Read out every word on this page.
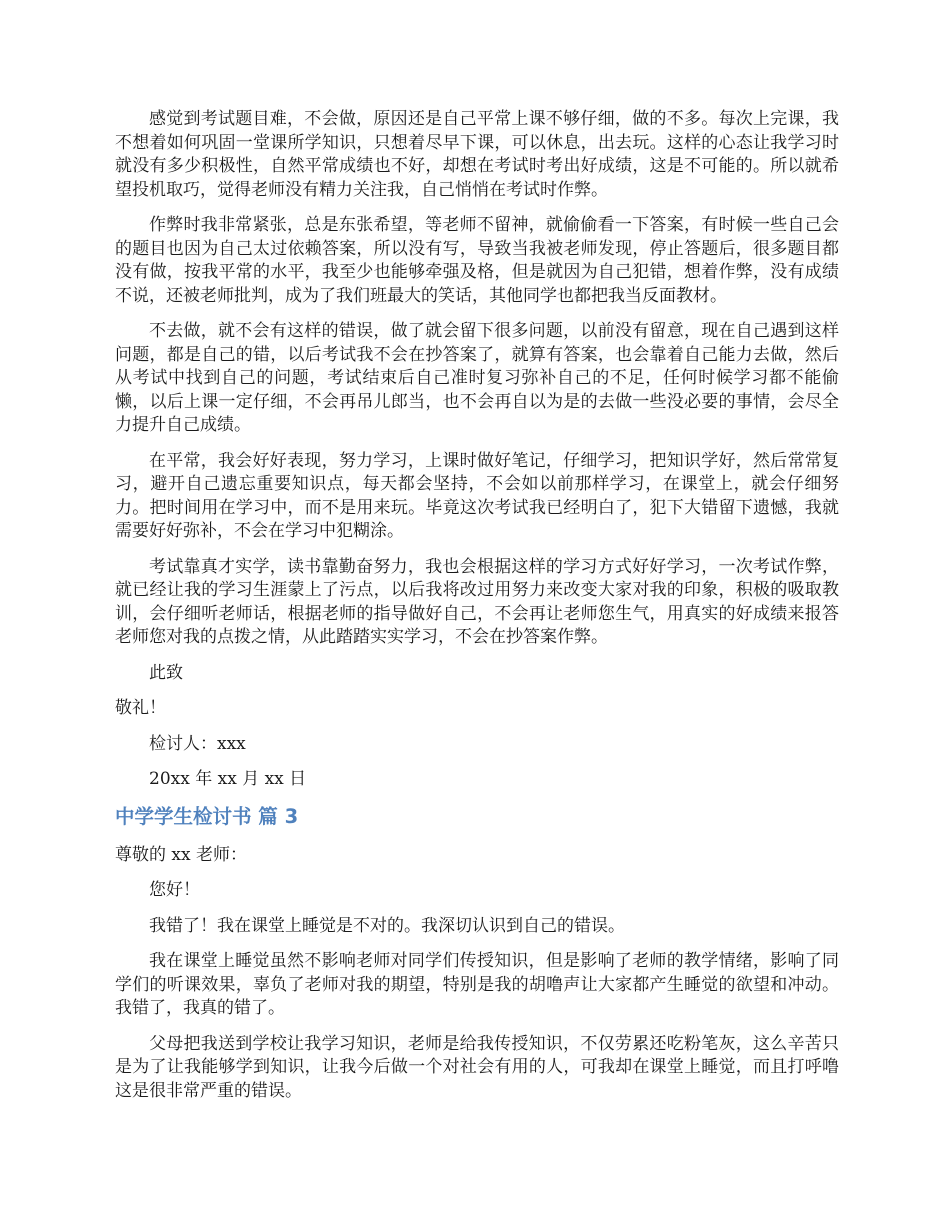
感觉到考试题目难，不会做，原因还是自己平常上课不够仔细，做的不多。每次上完课，我不想着如何巩固一堂课所学知识，只想着尽早下课，可以休息，出去玩。这样的心态让我学习时就没有多少积极性，自然平常成绩也不好，却想在考试时考出好成绩，这是不可能的。所以就希望投机取巧，觉得老师没有精力关注我，自己悄悄在考试时作弊。

作弊时我非常紧张，总是东张希望，等老师不留神，就偷偷看一下答案，有时候一些自己会的题目也因为自己太过依赖答案，所以没有写，导致当我被老师发现，停止答题后，很多题目都没有做，按我平常的水平，我至少也能够牵强及格，但是就因为自己犯错，想着作弊，没有成绩不说，还被老师批判，成为了我们班最大的笑话，其他同学也都把我当反面教材。

不去做，就不会有这样的错误，做了就会留下很多问题，以前没有留意，现在自己遇到这样问题，都是自己的错，以后考试我不会在抄答案了，就算有答案，也会靠着自己能力去做，然后从考试中找到自己的问题，考试结束后自己准时复习弥补自己的不足，任何时候学习都不能偷懒，以后上课一定仔细，不会再吊儿郎当，也不会再自以为是的去做一些没必要的事情，会尽全力提升自己成绩。

在平常，我会好好表现，努力学习，上课时做好笔记，仔细学习，把知识学好，然后常常复习，避开自己遗忘重要知识点，每天都会坚持，不会如以前那样学习，在课堂上，就会仔细努力。把时间用在学习中，而不是用来玩。毕竟这次考试我已经明白了，犯下大错留下遗憾，我就需要好好弥补，不会在学习中犯糊涂。

考试靠真才实学，读书靠勤奋努力，我也会根据这样的学习方式好好学习，一次考试作弊，就已经让我的学习生涯蒙上了污点，以后我将改过用努力来改变大家对我的印象，积极的吸取教训，会仔细听老师话，根据老师的指导做好自己，不会再让老师您生气，用真实的好成绩来报答老师您对我的点拨之情，从此踏踏实实学习，不会在抄答案作弊。

此致
敬礼！
检讨人：xxx
20xx 年 xx 月 xx 日
中学学生检讨书 篇 3
尊敬的 xx 老师：
您好！

我错了！我在课堂上睡觉是不对的。我深切认识到自己的错误。

我在课堂上睡觉虽然不影响老师对同学们传授知识，但是影响了老师的教学情绪，影响了同学们的听课效果，辜负了老师对我的期望，特别是我的胡噜声让大家都产生睡觉的欲望和冲动。我错了，我真的错了。

父母把我送到学校让我学习知识，老师是给我传授知识，不仅劳累还吃粉笔灰，这么辛苦只是为了让我能够学到知识，让我今后做一个对社会有用的人，可我却在课堂上睡觉，而且打呼噜这是很非常严重的错误。
